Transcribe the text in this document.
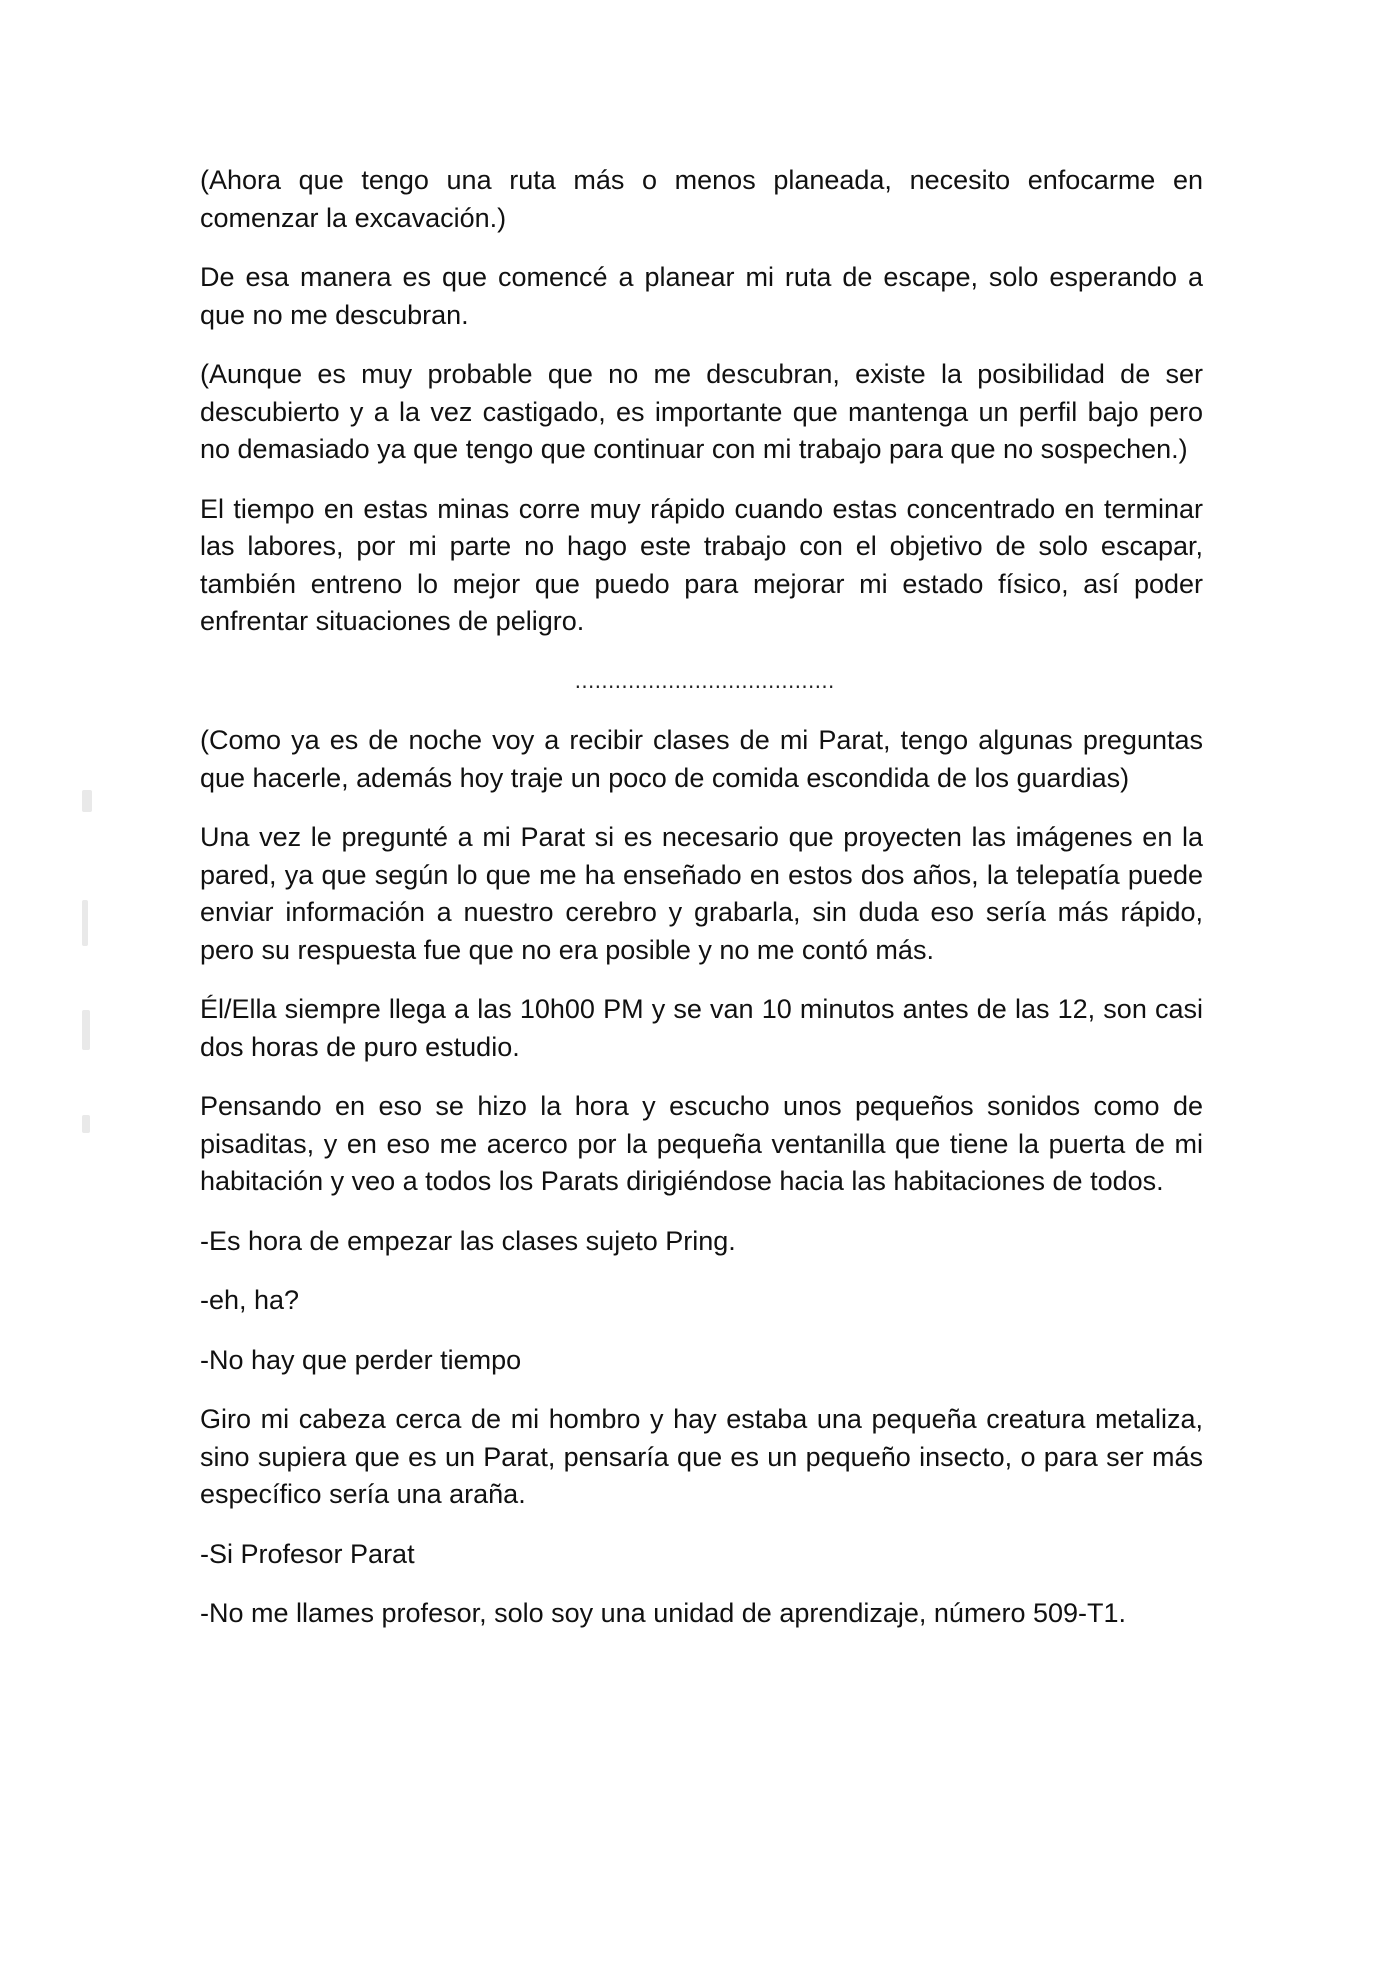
(Ahora que tengo una ruta más o menos planeada, necesito enfocarme en comenzar la excavación.)

De esa manera es que comencé a planear mi ruta de escape, solo esperando a que no me descubran.

(Aunque es muy probable que no me descubran, existe la posibilidad de ser descubierto y a la vez castigado, es importante que mantenga un perfil bajo pero no demasiado ya que tengo que continuar con mi trabajo para que no sospechen.)

El tiempo en estas minas corre muy rápido cuando estas concentrado en terminar las labores, por mi parte no hago este trabajo con el objetivo de solo escapar, también entreno lo mejor que puedo para mejorar mi estado físico, así poder enfrentar situaciones de peligro.

…………………………………

(Como ya es de noche voy a recibir clases de mi Parat, tengo algunas preguntas que hacerle, además hoy traje un poco de comida escondida de los guardias)

Una vez le pregunté a mi Parat si es necesario que proyecten las imágenes en la pared, ya que según lo que me ha enseñado en estos dos años, la telepatía puede enviar información a nuestro cerebro y grabarla, sin duda eso sería más rápido, pero su respuesta fue que no era posible y no me contó más.

Él/Ella siempre llega a las 10h00 PM y se van 10 minutos antes de las 12, son casi dos horas de puro estudio.

Pensando en eso se hizo la hora y escucho unos pequeños sonidos como de pisaditas, y en eso me acerco por la pequeña ventanilla que tiene la puerta de mi habitación y veo a todos los Parats dirigiéndose hacia las habitaciones de todos.

-Es hora de empezar las clases sujeto Pring.

-eh, ha?

-No hay que perder tiempo

Giro mi cabeza cerca de mi hombro y hay estaba una pequeña creatura metaliza, sino supiera que es un Parat, pensaría que es un pequeño insecto, o para ser más específico sería una araña.

-Si Profesor Parat

-No me llames profesor, solo soy una unidad de aprendizaje, número 509-T1.
